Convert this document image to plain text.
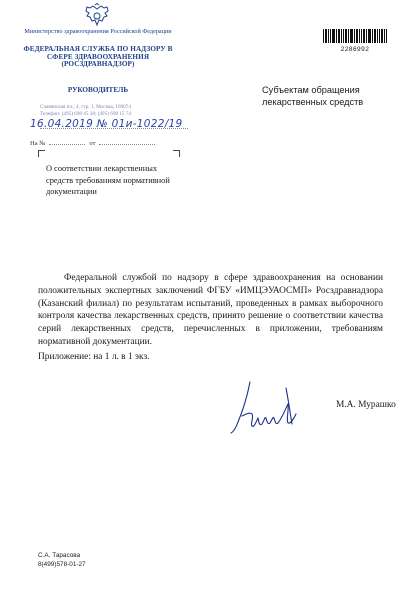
Министерство здравоохранения Российской Федерации
ФЕДЕРАЛЬНАЯ СЛУЖБА ПО НАДЗОРУ В СФЕРЕ ЗДРАВООХРАНЕНИЯ (РОСЗДРАВНАДЗОР)
РУКОВОДИТЕЛЬ
Славянская пл., 4, стр. 1, Москва, 109074
Телефон: (495) 698 45 38; (495) 698 15 74
16.04.2019 № 01и-1022/19
На №	от
О соответствии лекарственных средств требованиям нормативной документации
2286992
Субъектам обращения лекарственных средств
Федеральной службой по надзору в сфере здравоохранения на основании положительных экспертных заключений ФГБУ «ИМЦЭУАОСМП» Росздравнадзора (Казанский филиал) по результатам испытаний, проведенных в рамках выборочного контроля качества лекарственных средств, принято решение о соответствии качества серий лекарственных средств, перечисленных в приложении, требованиям нормативной документации.
Приложение: на 1 л. в 1 экз.
М.А. Мурашко
С.А. Тарасова
8(499)578-01-27
